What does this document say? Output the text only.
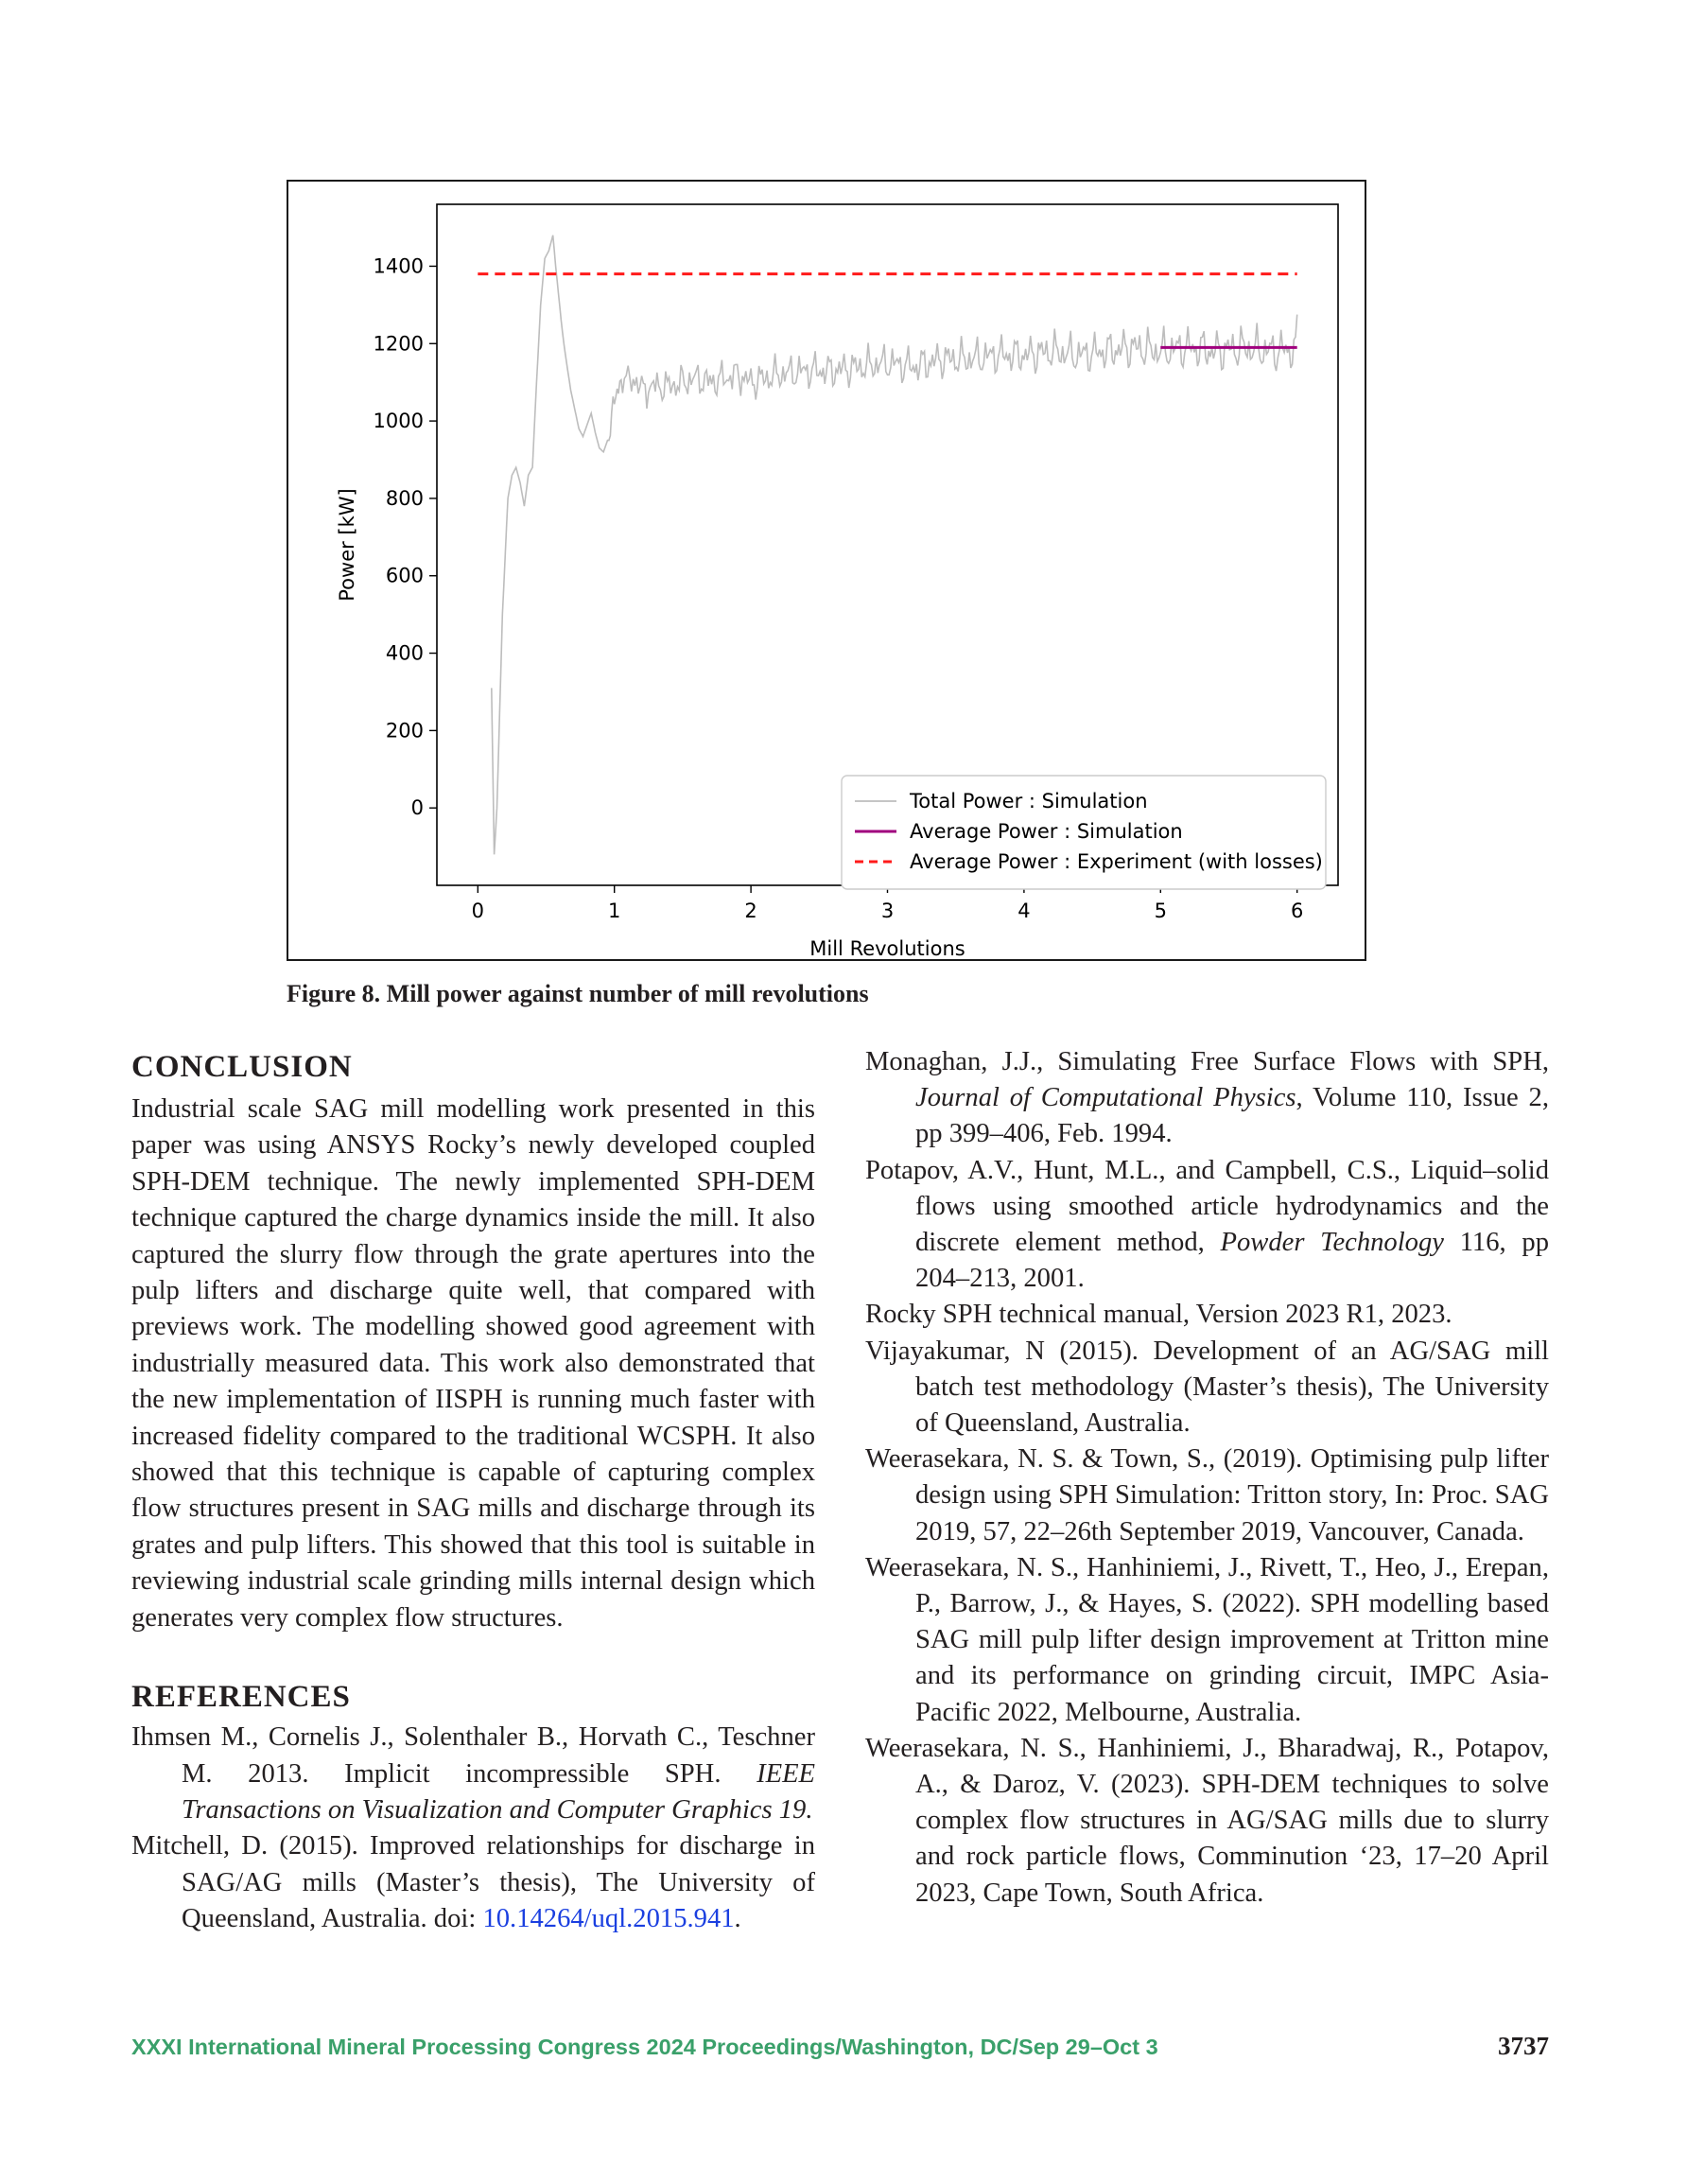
0	1	2	3	4	5	6
0
200
400
600
800
1000
1200
1400
Mill Revolutions
Power [kW]
Total Power : Simulation
Average Power : Simulation
Average Power : Experiment (with losses)
Figure 8. Mill power against number of mill revolutions
CONCLUSION

Industrial scale SAG mill modelling work presented in this paper was using ANSYS Rocky’s newly developed coupled SPH-DEM technique. The newly implemented SPH-DEM technique captured the charge dynamics inside the mill. It also captured the slurry flow through the grate apertures into the pulp lifters and discharge quite well, that compared with previews work. The modelling showed good agreement with industrially measured data. This work also demonstrated that the new implementation of IISPH is running much faster with increased fidelity compared to the traditional WCSPH. It also showed that this technique is capable of capturing complex flow structures present in SAG mills and discharge through its grates and pulp lifters. This showed that this tool is suitable in reviewing industrial scale grinding mills internal design which generates very complex flow structures.

REFERENCES

Ihmsen M., Cornelis J., Solenthaler B., Horvath C., Teschner M. 2013. Implicit incompressible SPH. IEEE Transactions on Visualization and Computer Graphics 19.

Mitchell, D. (2015). Improved relationships for discharge in SAG/AG mills (Master’s thesis), The University of Queensland, Australia. doi: 10.14264/uql.2015.941.

Monaghan, J.J., Simulating Free Surface Flows with SPH, Journal of Computational Physics, Volume 110, Issue 2, pp 399–406, Feb. 1994.

Potapov, A.V., Hunt, M.L., and Campbell, C.S., Liquid–solid flows using smoothed article hydrodynamics and the discrete element method, Powder Technology 116, pp 204–213, 2001.

Rocky SPH technical manual, Version 2023 R1, 2023.

Vijayakumar, N (2015). Development of an AG/SAG mill batch test methodology (Master’s thesis), The University of Queensland, Australia.

Weerasekara, N. S. & Town, S., (2019). Optimising pulp lifter design using SPH Simulation: Tritton story, In: Proc. SAG 2019, 57, 22–26th September 2019, Vancouver, Canada.

Weerasekara, N. S., Hanhiniemi, J., Rivett, T., Heo, J., Erepan, P., Barrow, J., & Hayes, S. (2022). SPH modelling based SAG mill pulp lifter design improvement at Tritton mine and its performance on grinding circuit, IMPC Asia-Pacific 2022, Melbourne, Australia.

Weerasekara, N. S., Hanhiniemi, J., Bharadwaj, R., Potapov, A., & Daroz, V. (2023). SPH-DEM techniques to solve complex flow structures in AG/SAG mills due to slurry and rock particle flows, Comminution ‘23, 17–20 April 2023, Cape Town, South Africa.

XXXI International Mineral Processing Congress 2024 Proceedings/Washington, DC/Sep 29–Oct 3	3737
